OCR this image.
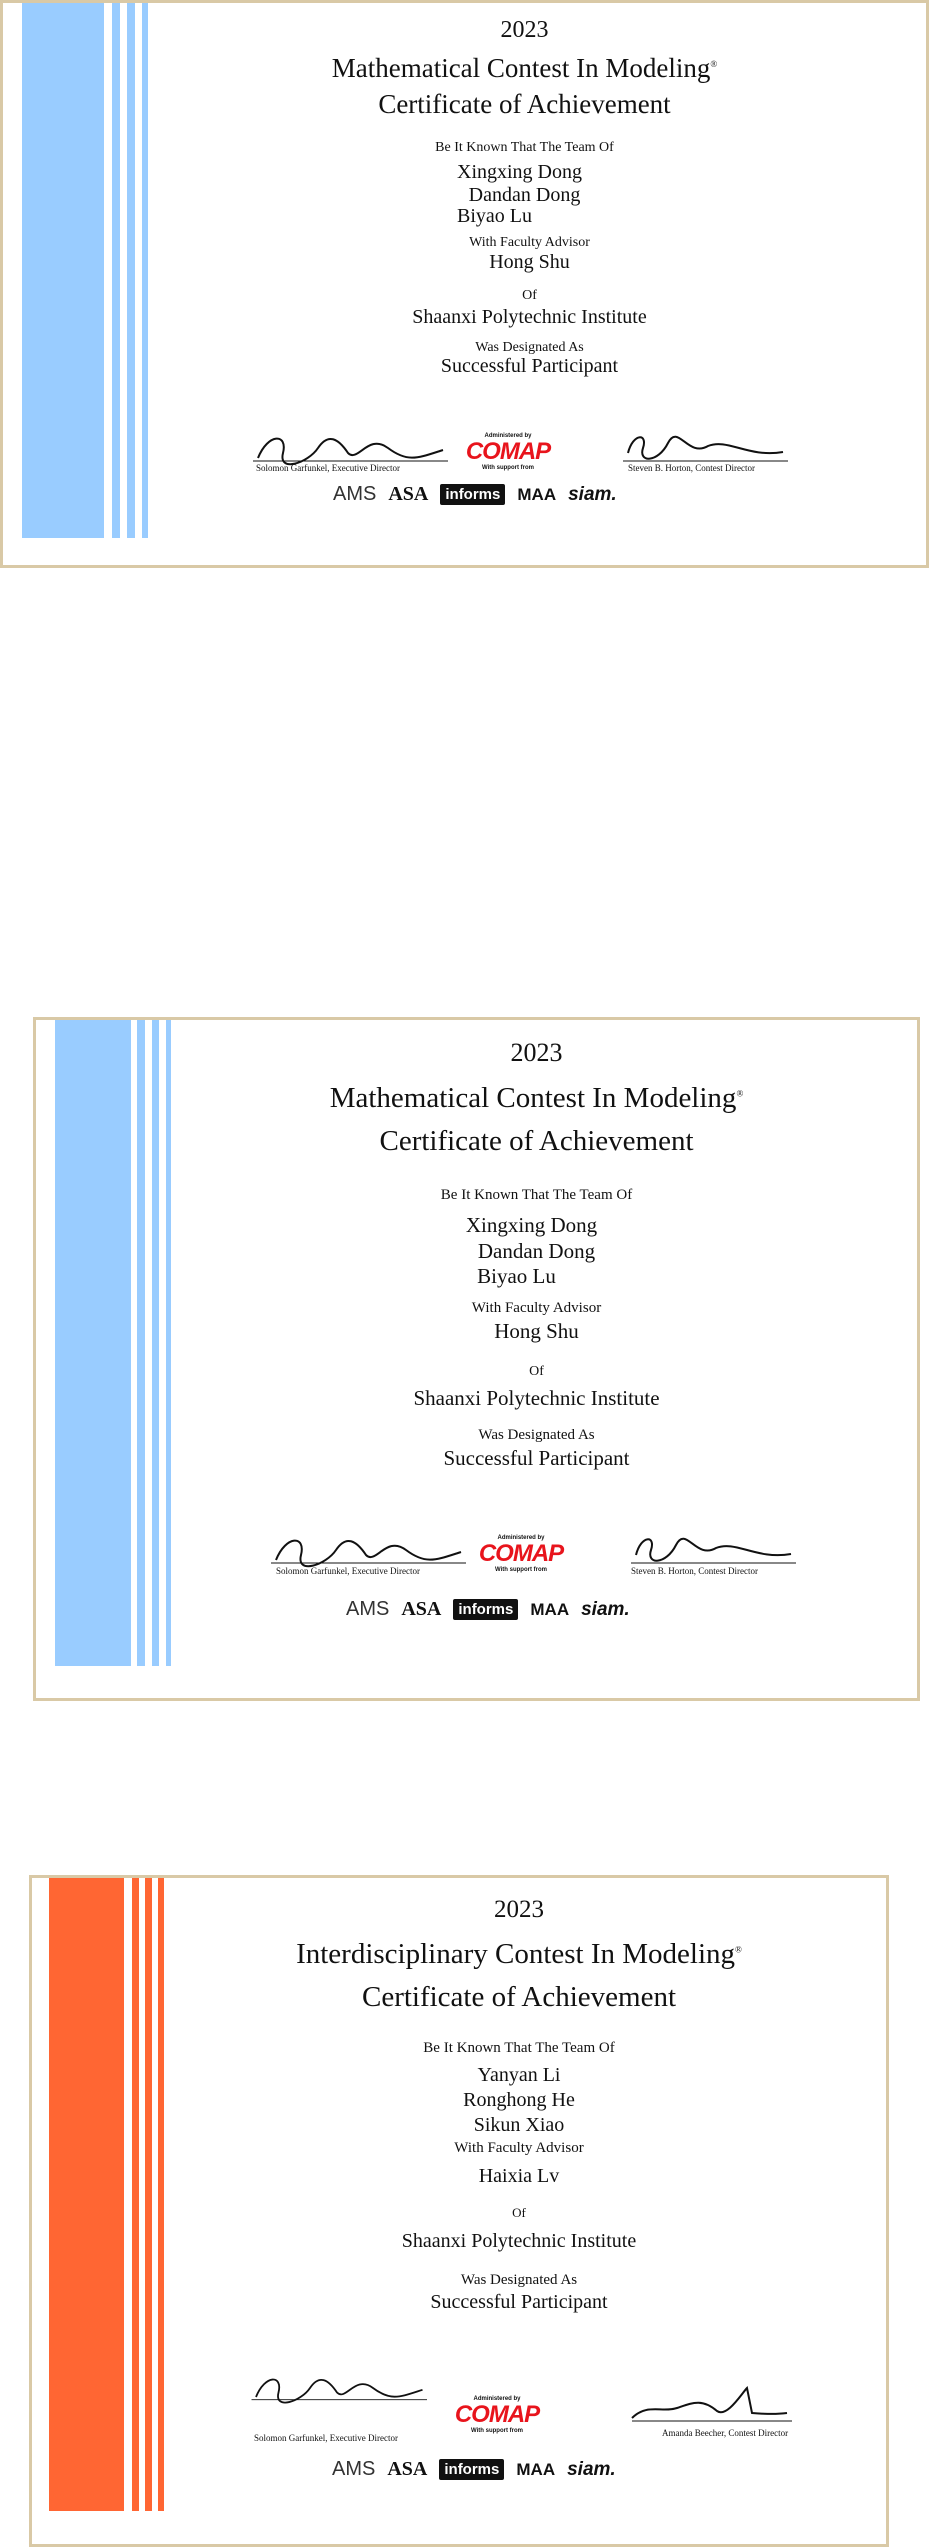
2023
Mathematical Contest In Modeling®
Certificate of Achievement
Be It Known That The Team Of
Xingxing Dong
Dandan Dong
Biyao Lu
With Faculty Advisor
Hong Shu
Of
Shaanxi Polytechnic Institute
Was Designated As
Successful Participant
Solomon Garfunkel, Executive Director
Administered by
COMAP
With support from	Steven B. Horton, Contest Director
AMS ASA	informs MAA siam.
2023
Mathematical Contest In Modeling®
Certificate of Achievement
Be It Known That The Team Of
Xingxing Dong
Dandan Dong
Biyao Lu
With Faculty Advisor
Hong Shu
Of
Shaanxi Polytechnic Institute
Was Designated As
Successful Participant
Solomon Garfunkel, Executive Director
Administered by
COMAP
With support from	Steven B. Horton, Contest Director
AMS ASA	informs MAA siam.
2023
Interdisciplinary Contest In Modeling®
Certificate of Achievement
Be It Known That The Team Of
Yanyan Li
Ronghong He
Sikun Xiao
With Faculty Advisor
Haixia Lv
Of
Shaanxi Polytechnic Institute
Was Designated As
Successful Participant
Solomon Garfunkel, Executive Director
Administered by
COMAP
With support from	Amanda Beecher, Contest Director
AMS ASA	informs MAA siam.
